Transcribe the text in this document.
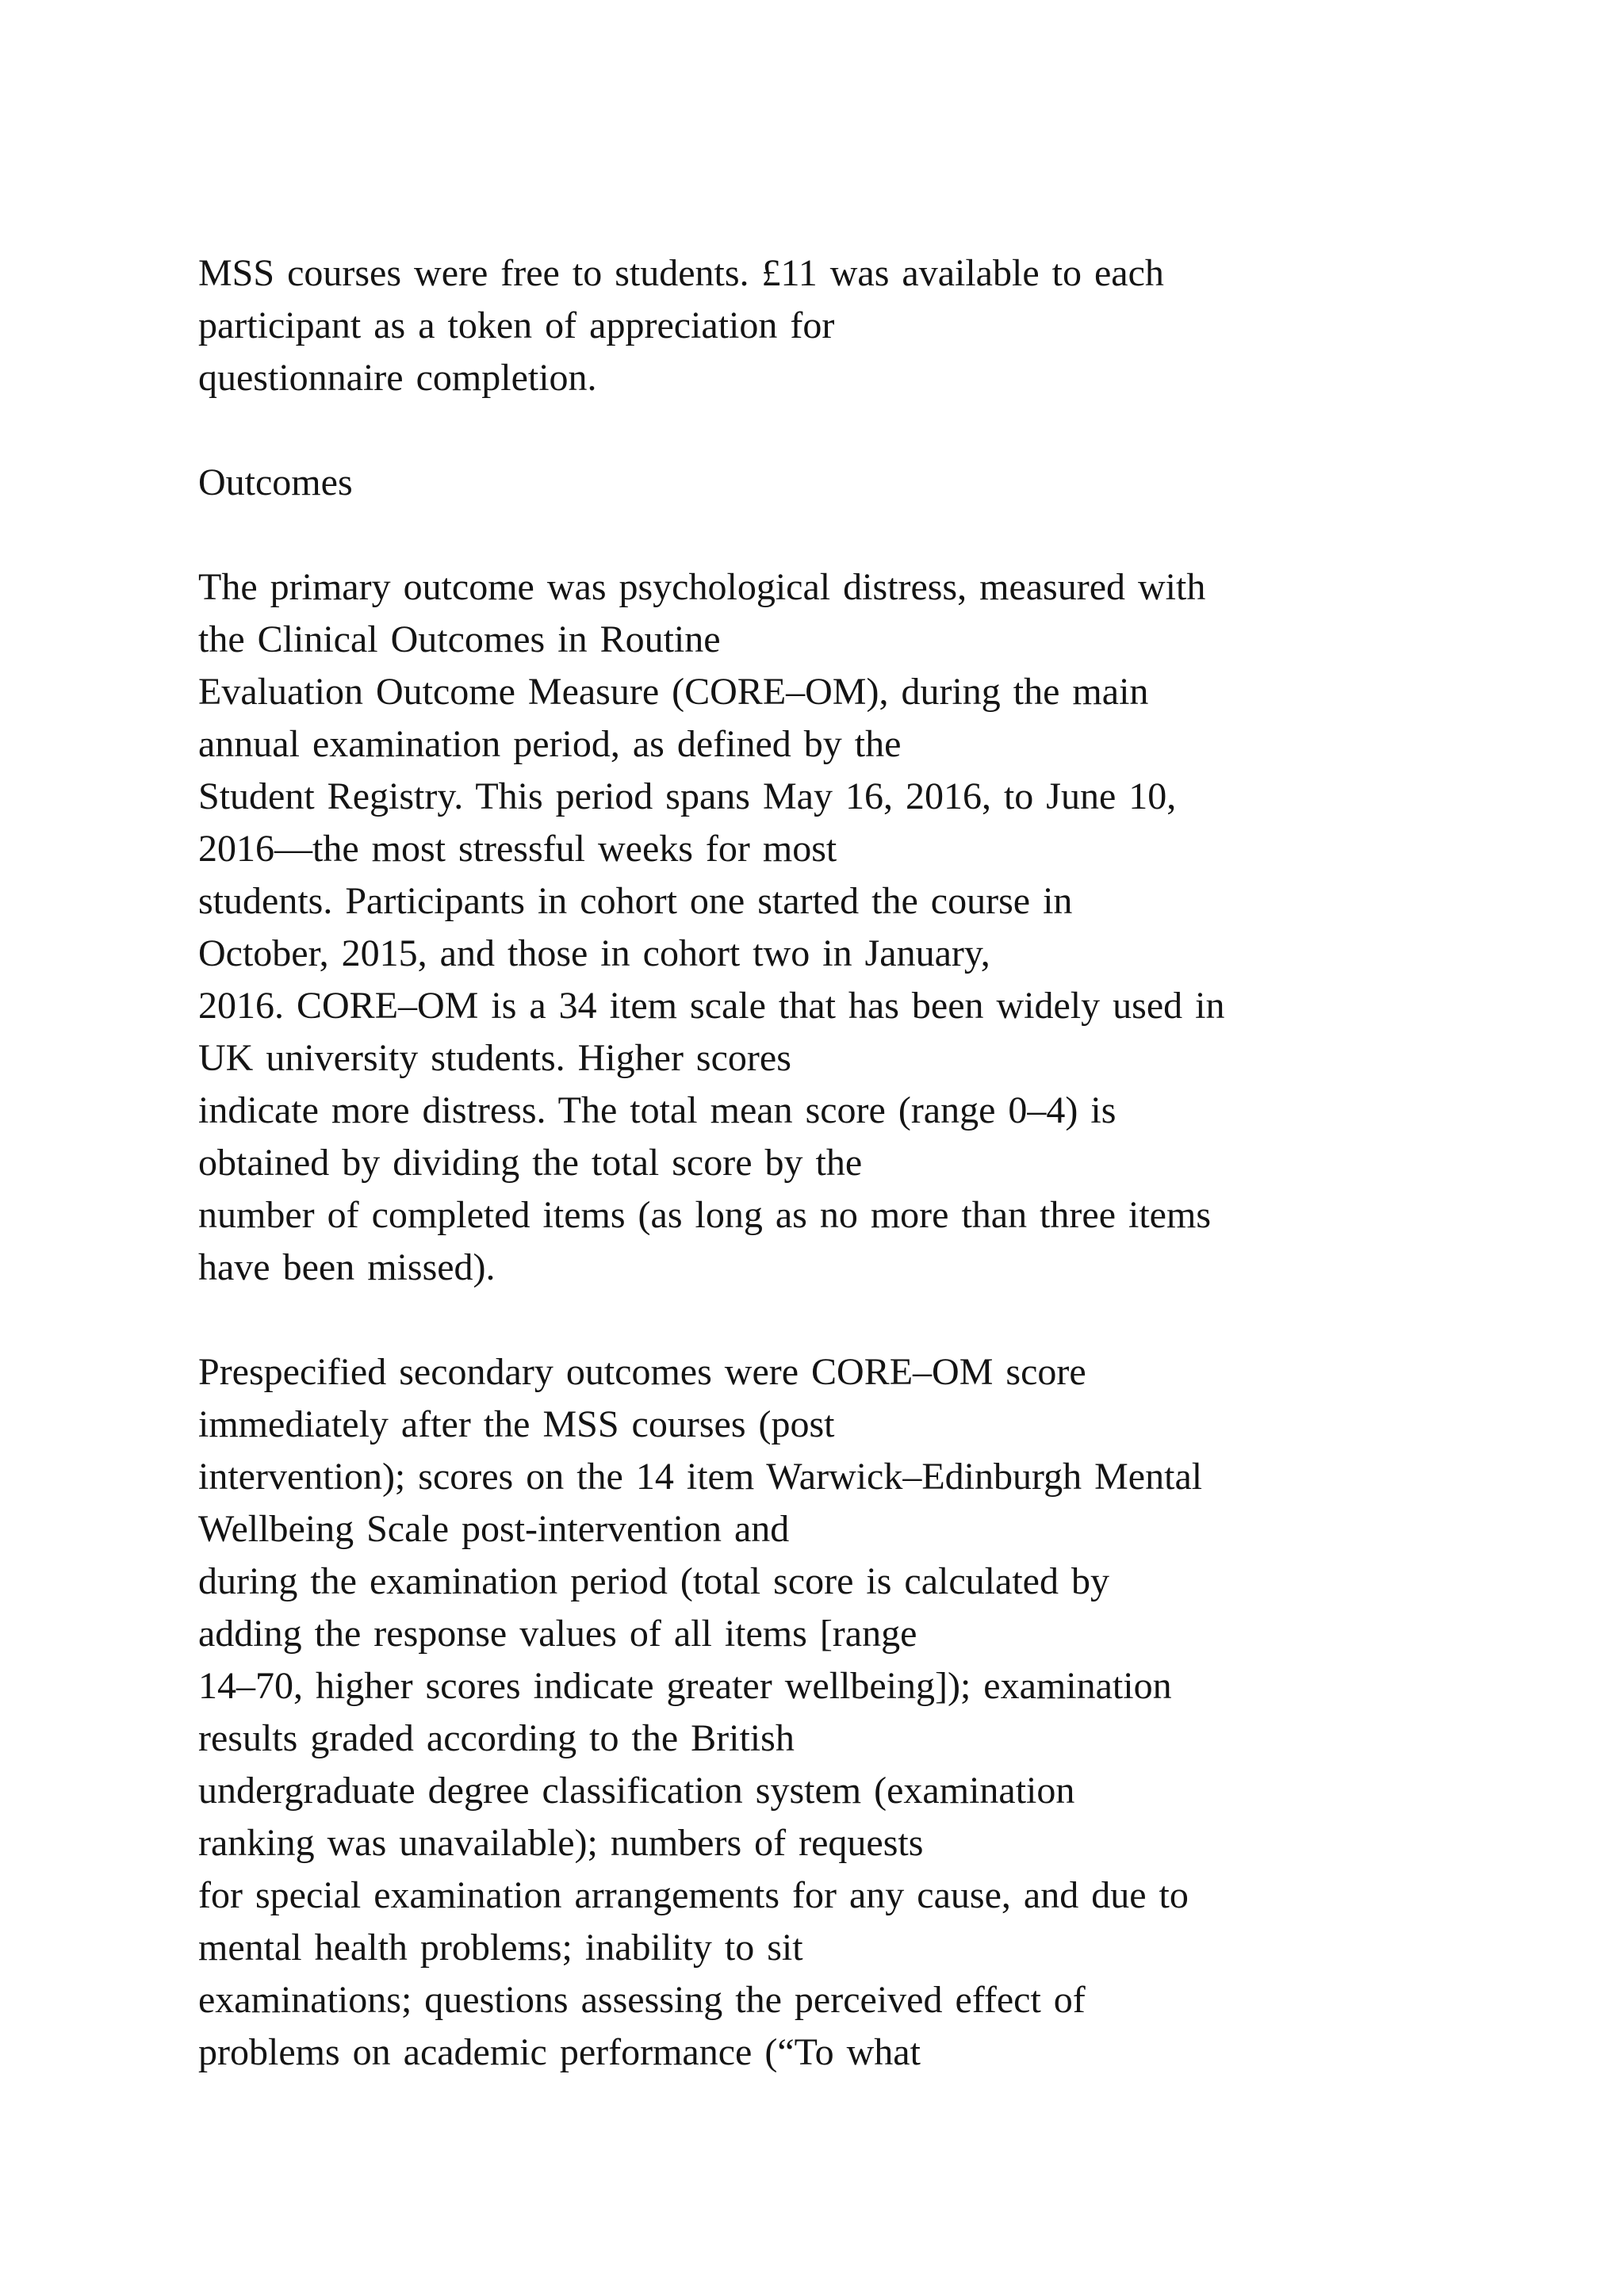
MSS courses were free to students. £11 was available to each
participant as a token of appreciation for
questionnaire completion.
Outcomes
The primary outcome was psychological distress, measured with
the Clinical Outcomes in Routine
Evaluation Outcome Measure (CORE–OM), during the main
annual examination period, as defined by the
Student Registry. This period spans May 16, 2016, to June 10,
2016—the most stressful weeks for most
students. Participants in cohort one started the course in
October, 2015, and those in cohort two in January,
2016. CORE–OM is a 34 item scale that has been widely used in
UK university students. Higher scores
indicate more distress. The total mean score (range 0–4) is
obtained by dividing the total score by the
number of completed items (as long as no more than three items
have been missed).
Prespecified secondary outcomes were CORE–OM score
immediately after the MSS courses (post
intervention); scores on the 14 item Warwick–Edinburgh Mental
Wellbeing Scale post-intervention and
during the examination period (total score is calculated by
adding the response values of all items [range
14–70, higher scores indicate greater wellbeing]); examination
results graded according to the British
undergraduate degree classification system (examination
ranking was unavailable); numbers of requests
for special examination arrangements for any cause, and due to
mental health problems; inability to sit
examinations; questions assessing the perceived effect of
problems on academic performance (“To what
